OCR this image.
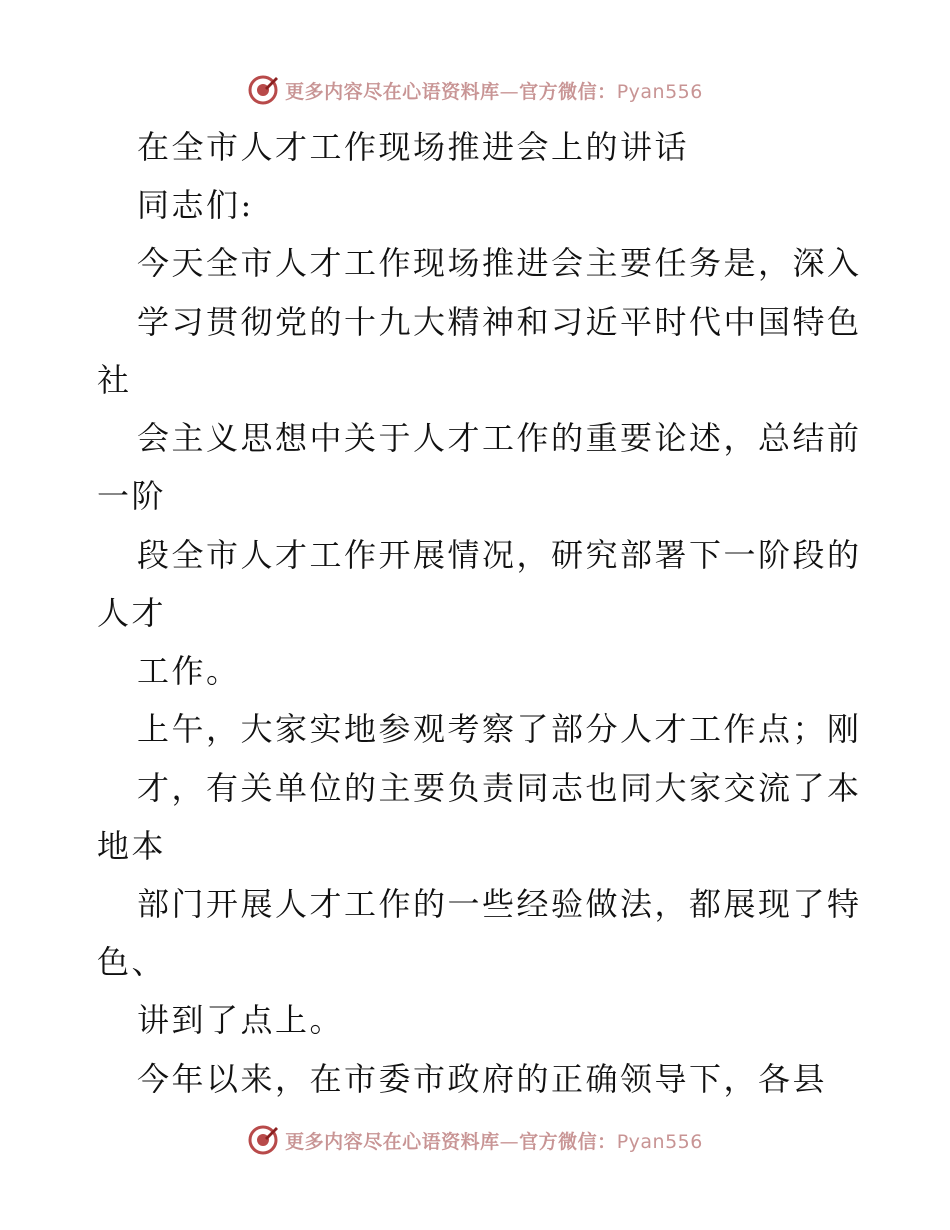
更多内容尽在心语资料库—官方微信：Pyan556
在全市人才工作现场推进会上的讲话
同志们:
今天全市人才工作现场推进会主要任务是，深入
学习贯彻党的十九大精神和习近平时代中国特色
社
会主义思想中关于人才工作的重要论述，总结前
一阶
段全市人才工作开展情况，研究部署下一阶段的
人才
工作。
上午，大家实地参观考察了部分人才工作点；刚
才，有关单位的主要负责同志也同大家交流了本
地本
部门开展人才工作的一些经验做法，都展现了特
色、
讲到了点上。
今年以来，在市委市政府的正确领导下，各县
更多内容尽在心语资料库—官方微信：Pyan556
